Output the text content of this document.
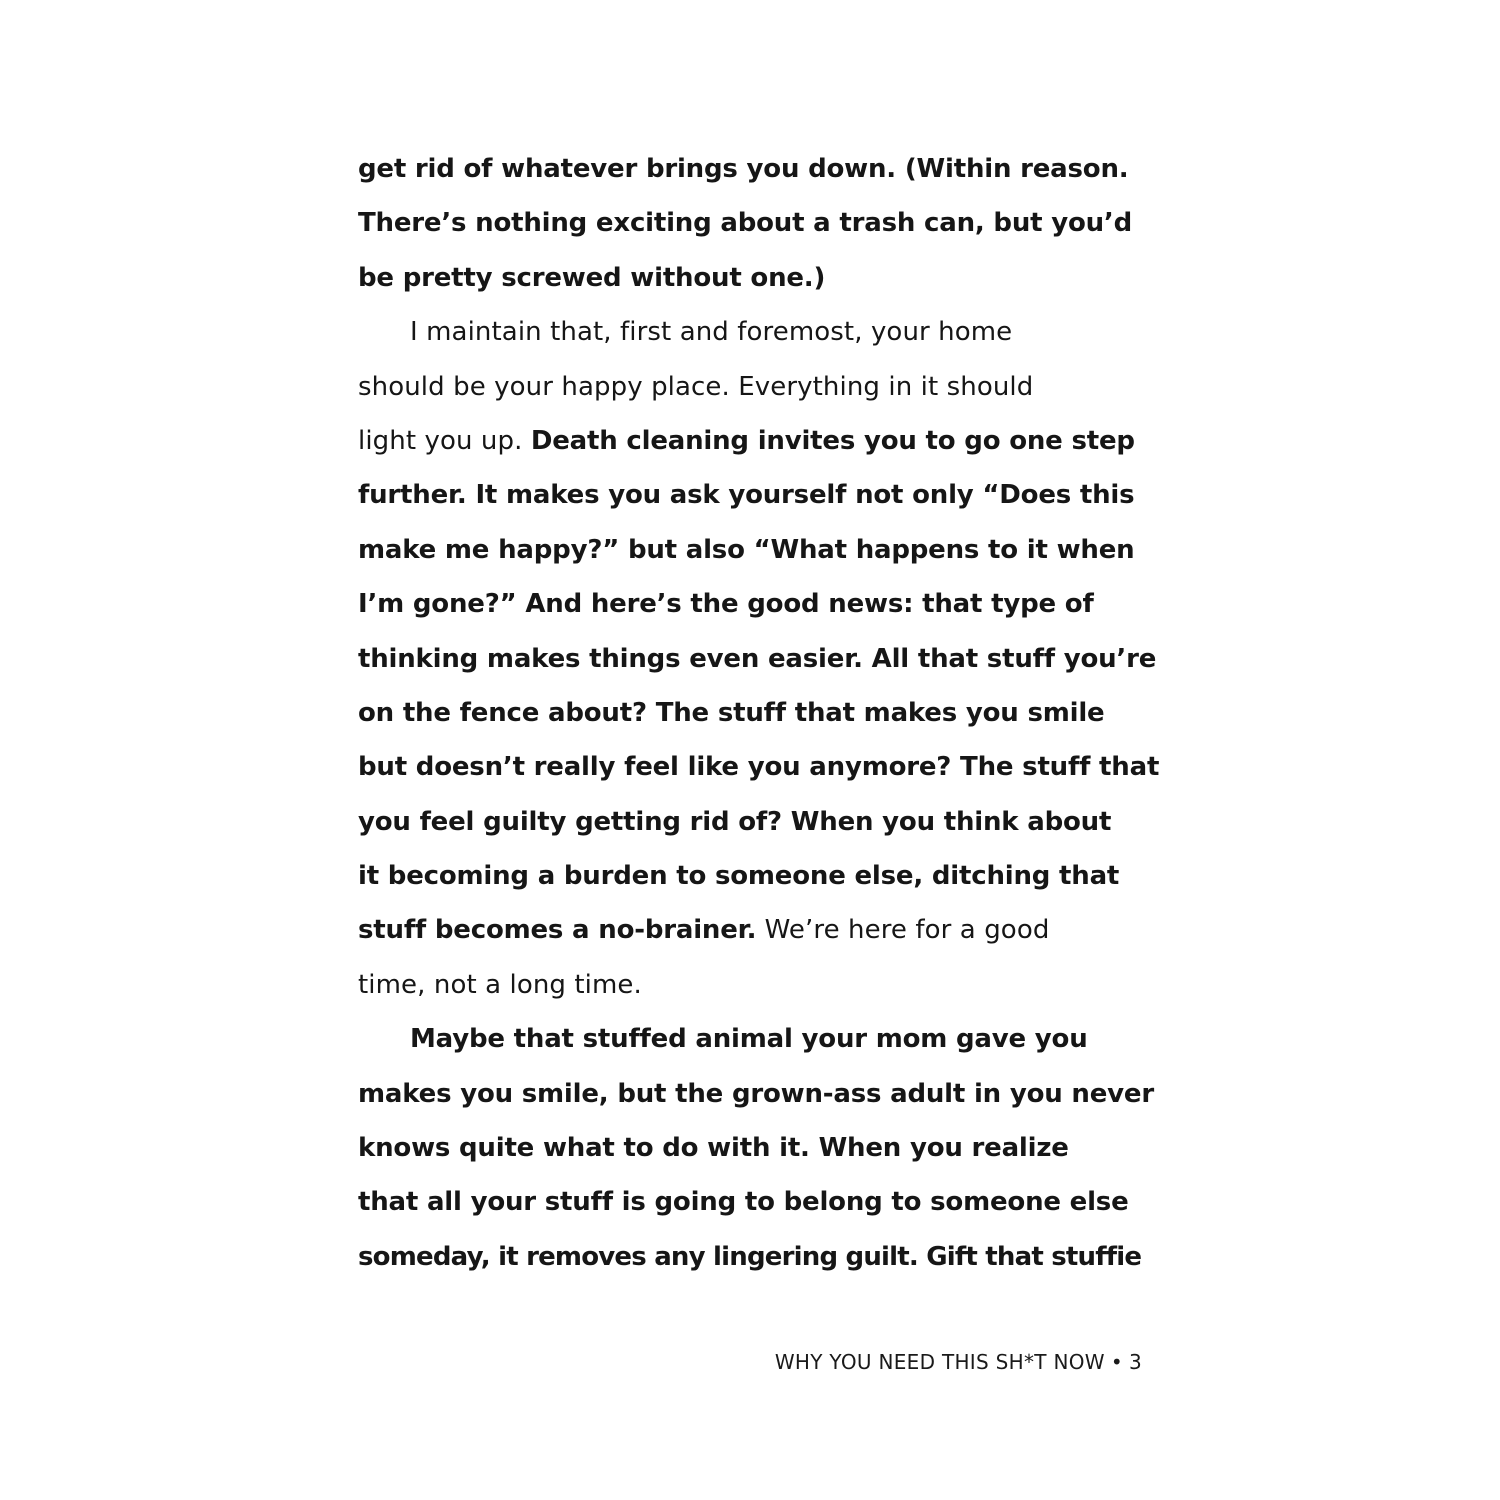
get rid of whatever brings you down. (Within reason.
There’s nothing exciting about a trash can, but you’d
be pretty screwed without one.)
I maintain that, first and foremost, your home
should be your happy place. Everything in it should
light you up. Death cleaning invites you to go one step
further. It makes you ask yourself not only “Does this
make me happy?” but also “What happens to it when
I’m gone?” And here’s the good news: that type of
thinking makes things even easier. All that stuff you’re
on the fence about? The stuff that makes you smile
but doesn’t really feel like you anymore? The stuff that
you feel guilty getting rid of? When you think about
it becoming a burden to someone else, ditching that
stuff becomes a no-brainer. We’re here for a good
time, not a long time.
Maybe that stuffed animal your mom gave you
makes you smile, but the grown-ass adult in you never
knows quite what to do with it. When you realize
that all your stuff is going to belong to someone else
someday, it removes any lingering guilt. Gift that stuffie
WHY YOU NEED THIS SH*T NOW • 3
